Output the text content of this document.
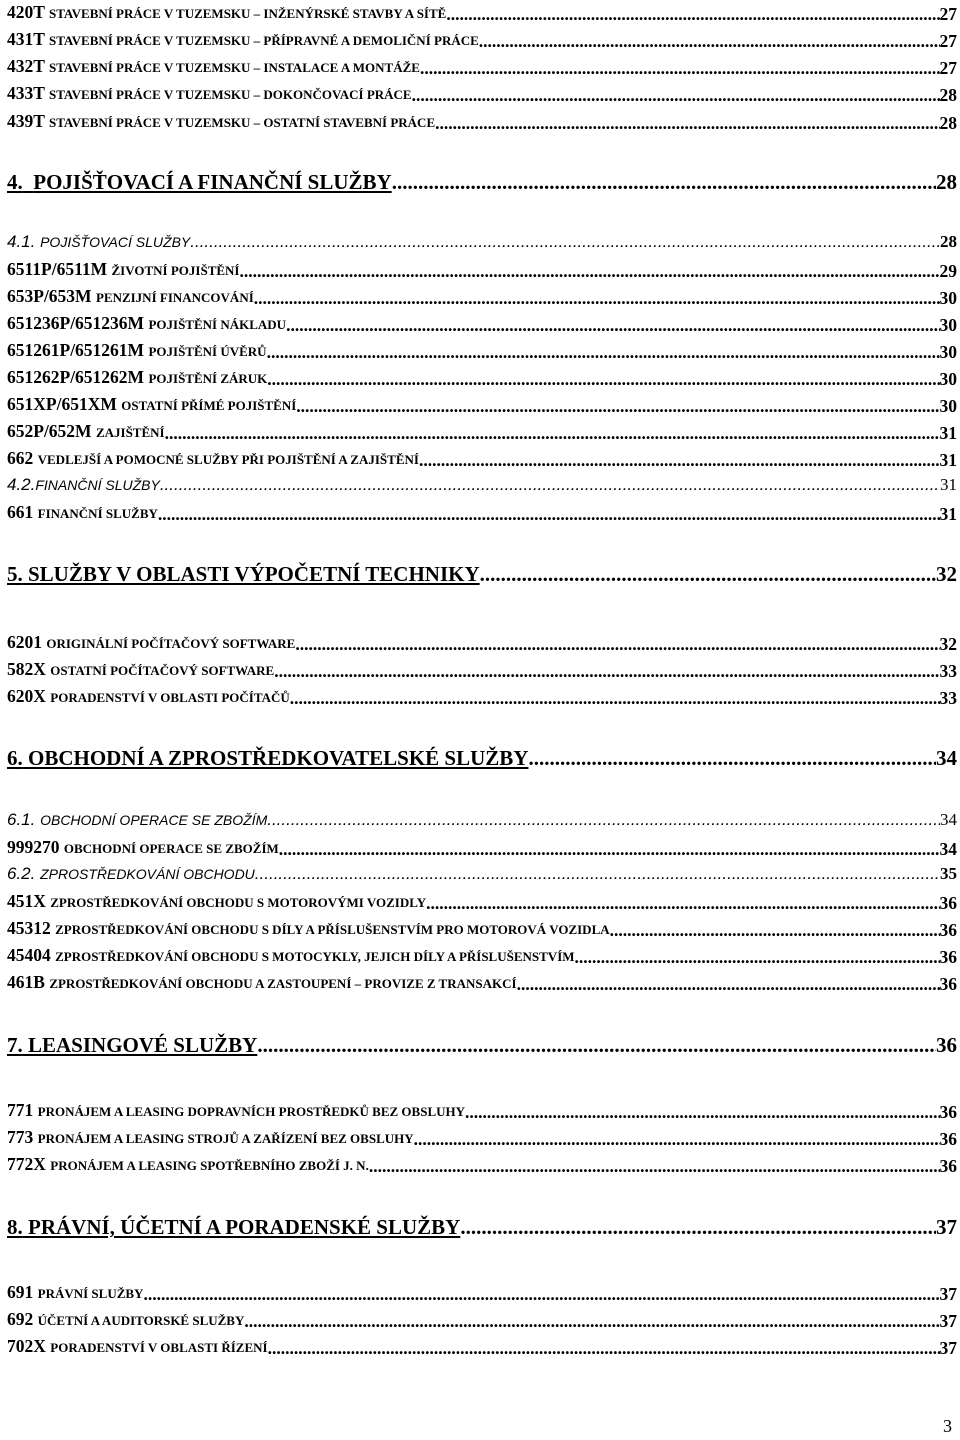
420T STAVEBNÍ PRÁCE V TUZEMSKU – INŽENÝRSKÉ STAVBY A SÍTĚ .....	27
431T STAVEBNÍ PRÁCE V TUZEMSKU – PŘÍPRAVNÉ A DEMOLIČNÍ PRÁCE .....	27
432T STAVEBNÍ PRÁCE V TUZEMSKU – INSTALACE A MONTÁŽE .....	27
433T STAVEBNÍ PRÁCE V TUZEMSKU – DOKONČOVACÍ PRÁCE .....	28
439T STAVEBNÍ PRÁCE V TUZEMSKU – OSTATNÍ STAVEBNÍ PRÁCE .....	28
4. POJIŠŤOVACÍ A FINANČNÍ SLUŽBY .....	28
4.1. POJIŠŤOVACÍ SLUŽBY .....	28
6511P/6511M ŽIVOTNÍ POJIŠTĚNÍ .....	29
653P/653M PENZIJNÍ FINANCOVÁNÍ .....	30
651236P/651236M POJIŠTĚNÍ NÁKLADU .....	30
651261P/651261M POJIŠTĚNÍ ÚVĚRŮ .....	30
651262P/651262M POJIŠTĚNÍ ZÁRUK .....	30
651XP/651XM OSTATNÍ PŘÍMÉ POJIŠTĚNÍ .....	30
652P/652M ZAJIŠTĚNÍ .....	31
662 VEDLEJŠÍ A POMOCNÉ SLUŽBY PŘI POJIŠTĚNÍ A ZAJIŠTĚNÍ .....	31
4.2.FINANČNÍ SLUŽBY .....	31
661 FINANČNÍ SLUŽBY .....	31
5. SLUŽBY V OBLASTI VÝPOČETNÍ TECHNIKY .....	32
6201 ORIGINÁLNÍ POČÍTAČOVÝ SOFTWARE .....	32
582X OSTATNÍ POČÍTAČOVÝ SOFTWARE .....	33
620X PORADENSTVÍ V OBLASTI POČÍTAČŮ .....	33
6. OBCHODNÍ A ZPROSTŘEDKOVATELSKÉ SLUŽBY .....	34
6.1. OBCHODNÍ OPERACE SE ZBOŽÍM .....	34
999270 OBCHODNÍ OPERACE SE ZBOŽÍM .....	34
6.2. ZPROSTŘEDKOVÁNÍ OBCHODU .....	35
451X ZPROSTŘEDKOVÁNÍ OBCHODU S MOTOROVÝMI VOZIDLY .....	36
45312 ZPROSTŘEDKOVÁNÍ OBCHODU S DÍLY A PŘÍSLUŠENSTVÍM PRO MOTOROVÁ VOZIDLA .....	36
45404 ZPROSTŘEDKOVÁNÍ OBCHODU S MOTOCYKLY, JEJICH DÍLY A PŘÍSLUŠENSTVÍM .....	36
461B ZPROSTŘEDKOVÁNÍ OBCHODU A ZASTOUPENÍ – PROVIZE Z TRANSAKCÍ .....	36
7. LEASINGOVÉ SLUŽBY .....	36
771 PRONÁJEM A LEASING DOPRAVNÍCH PROSTŘEDKŮ BEZ OBSLUHY .....	36
773 PRONÁJEM A LEASING STROJŮ A ZAŘÍZENÍ BEZ OBSLUHY .....	36
772X PRONÁJEM A LEASING SPOTŘEBNÍHO ZBOŽÍ J. N. .....	36
8. PRÁVNÍ, ÚČETNÍ A PORADENSKÉ SLUŽBY .....	37
691 PRÁVNÍ SLUŽBY .....	37
692 ÚČETNÍ A AUDITORSKÉ SLUŽBY .....	37
702X PORADENSTVÍ V OBLASTI ŘÍZENÍ .....	37
3
